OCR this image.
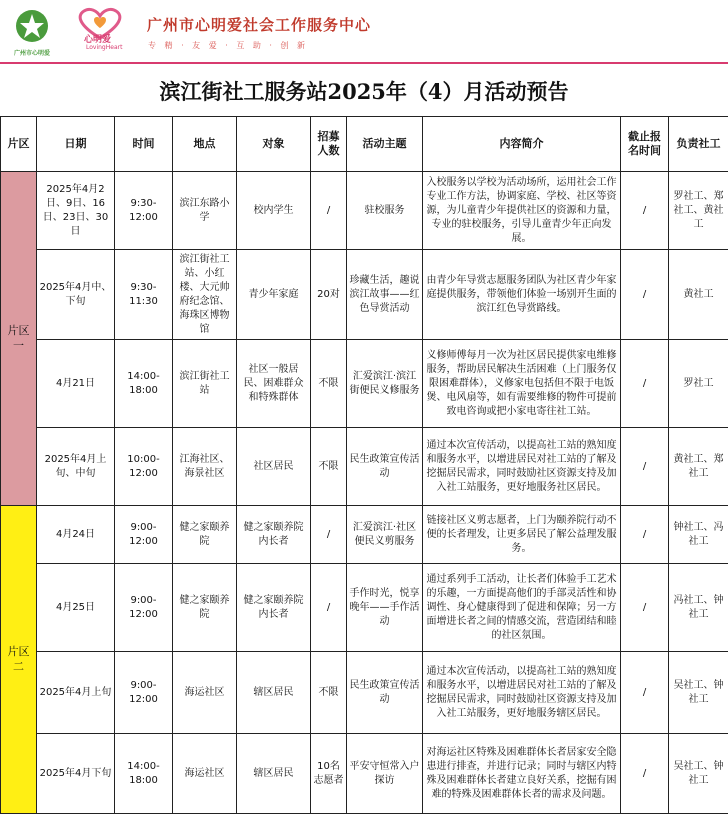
广州市心明爱
心明爱
LovingHeart
广州市心明爱社会工作服务中心
专 精 · 友 爱 · 互 助 · 创 新
滨江街社工服务站2025年（4）月活动预告
片区	日期	时间	地点	对象	招募人数	活动主题	内容简介	截止报名时间	负责社工
片区一	2025年4月2日、9日、16日、23日、30日	9:30-12:00	滨江东路小学	校内学生	/	驻校服务	入校服务以学校为活动场所，运用社会工作专业工作方法，协调家庭、学校、社区等资源，为儿童青少年提供社区的资源和力量，专业的驻校服务，引导儿童青少年正向发展。	/	罗社工、郑社工、黄社工
	2025年4月中、下旬	9:30-11:30	滨江街社工站、小红楼、大元帅府纪念馆、海珠区博物馆	青少年家庭	20对	珍藏生活，趣说滨江故事——红色导赏活动	由青少年导赏志愿服务团队为社区青少年家庭提供服务，带领他们体验一场别开生面的滨江红色导赏路线。	/	黄社工
	4月21日	14:00-18:00	滨江街社工站	社区一般居民、困难群众和特殊群体	不限	汇爱滨江·滨江街便民义修服务	义修师傅每月一次为社区居民提供家电维修服务，帮助居民解决生活困难（上门服务仅限困难群体），义修家电包括但不限于电饭煲、电风扇等，如有需要维修的物件可提前致电咨询或把小家电寄往社工站。	/	罗社工
	2025年4月上旬、中旬	10:00-12:00	江海社区、海景社区	社区居民	不限	民生政策宣传活动	通过本次宣传活动，以提高社工站的熟知度和服务水平，以增进居民对社工站的了解及挖掘居民需求，同时鼓励社区资源支持及加入社工站服务，更好地服务社区居民。	/	黄社工、郑社工
片区二	4月24日	9:00-12:00	健之家颐养院	健之家颐养院内长者	/	汇爱滨江·社区便民义剪服务	链接社区义剪志愿者，上门为颐养院行动不便的长者理发，让更多居民了解公益理发服务。	/	钟社工、冯社工
	4月25日	9:00-12:00	健之家颐养院	健之家颐养院内长者	/	手作时光，悦享晚年——手作活动	通过系列手工活动，让长者们体验手工艺术的乐趣，一方面提高他们的手部灵活性和协调性、身心健康得到了促进和保障；另一方面增进长者之间的情感交流，营造团结和睦的社区氛围。	/	冯社工、钟社工
	2025年4月上旬	9:00-12:00	海运社区	辖区居民	不限	民生政策宣传活动	通过本次宣传活动，以提高社工站的熟知度和服务水平，以增进居民对社工站的了解及挖掘居民需求，同时鼓励社区资源支持及加入社工站服务，更好地服务辖区居民。	/	吴社工、钟社工
	2025年4月下旬	14:00-18:00	海运社区	辖区居民	10名志愿者	平安守恒常入户探访	对海运社区特殊及困难群体长者居家安全隐患进行排查，并进行记录；同时与辖区内特殊及困难群体长者建立良好关系，挖掘有困难的特殊及困难群体长者的需求及问题。	/	吴社工、钟社工
